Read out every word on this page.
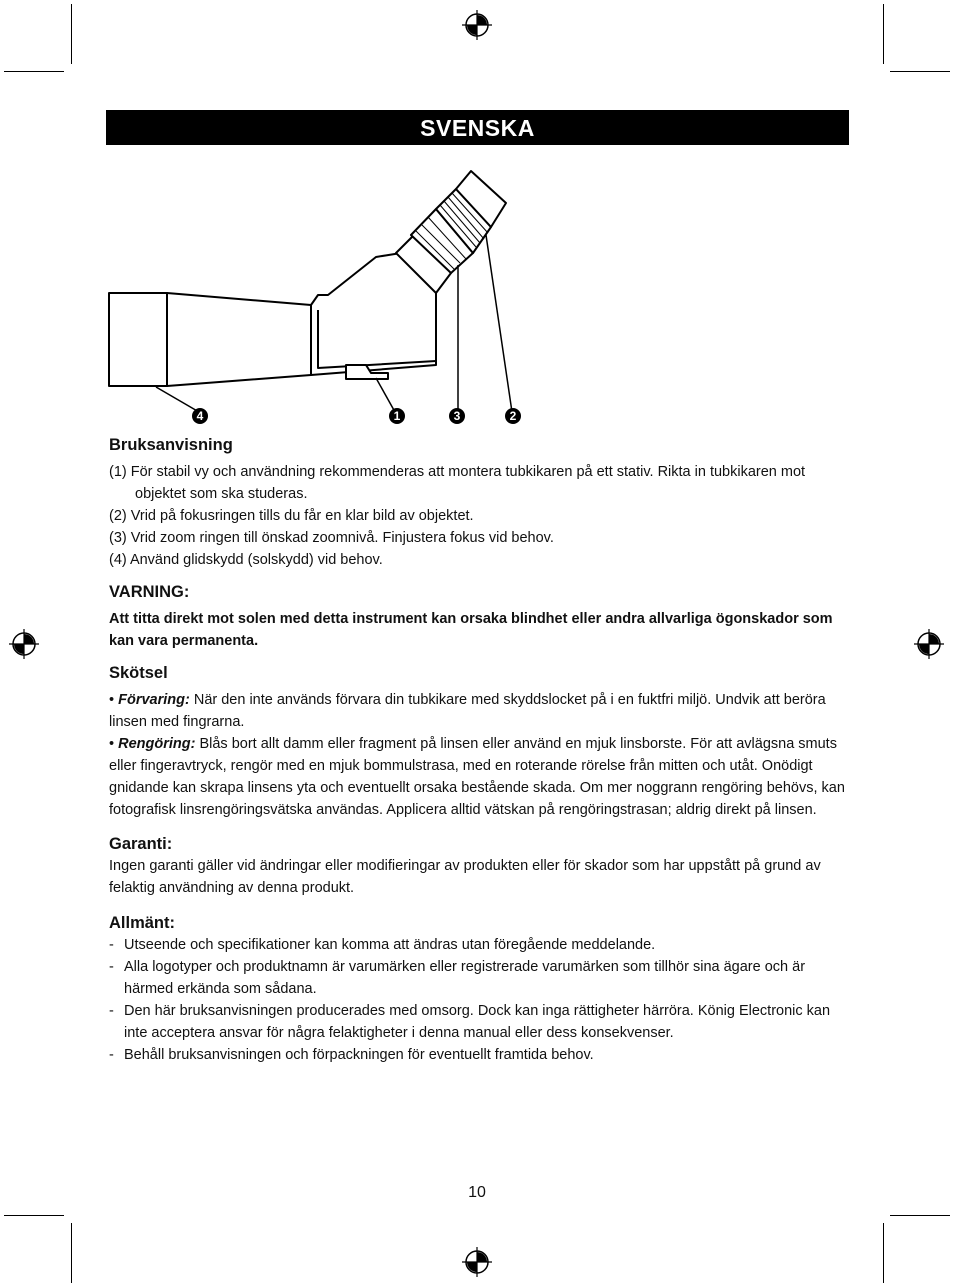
SVENSKA
4	1	3	2
Bruksanvisning
(1) För stabil vy och användning rekommenderas att montera tubkikaren på ett stativ. Rikta in tubkikaren mot objektet som ska studeras.
(2) Vrid på fokusringen tills du får en klar bild av objektet.
(3) Vrid zoom ringen till önskad zoomnivå. Finjustera fokus vid behov.
(4) Använd glidskydd (solskydd) vid behov.
VARNING:
Att titta direkt mot solen med detta instrument kan orsaka blindhet eller andra allvarliga ögonskador som kan vara permanenta.
Skötsel

• Förvaring: När den inte används förvara din tubkikare med skyddslocket på i en fuktfri miljö. Undvik att beröra linsen med fingrarna.

• Rengöring: Blås bort allt damm eller fragment på linsen eller använd en mjuk linsborste. För att avlägsna smuts eller fingeravtryck, rengör med en mjuk bommulstrasa, med en roterande rörelse från mitten och utåt. Onödigt gnidande kan skrapa linsens yta och eventuellt orsaka bestående skada. Om mer noggrann rengöring behövs, kan fotografisk linsrengöringsvätska användas. Applicera alltid vätskan på rengöringstrasan; aldrig direkt på linsen.

Garanti:

Ingen garanti gäller vid ändringar eller modifieringar av produkten eller för skador som har uppstått på grund av felaktig användning av denna produkt.

Allmänt:
- Utseende och specifikationer kan komma att ändras utan föregående meddelande.
- Alla logotyper och produktnamn är varumärken eller registrerade varumärken som tillhör sina ägare och är härmed erkända som sådana.
- Den här bruksanvisningen producerades med omsorg. Dock kan inga rättigheter härröra. König Electronic kan inte acceptera ansvar för några felaktigheter i denna manual eller dess konsekvenser.
- Behåll bruksanvisningen och förpackningen för eventuellt framtida behov.
10
